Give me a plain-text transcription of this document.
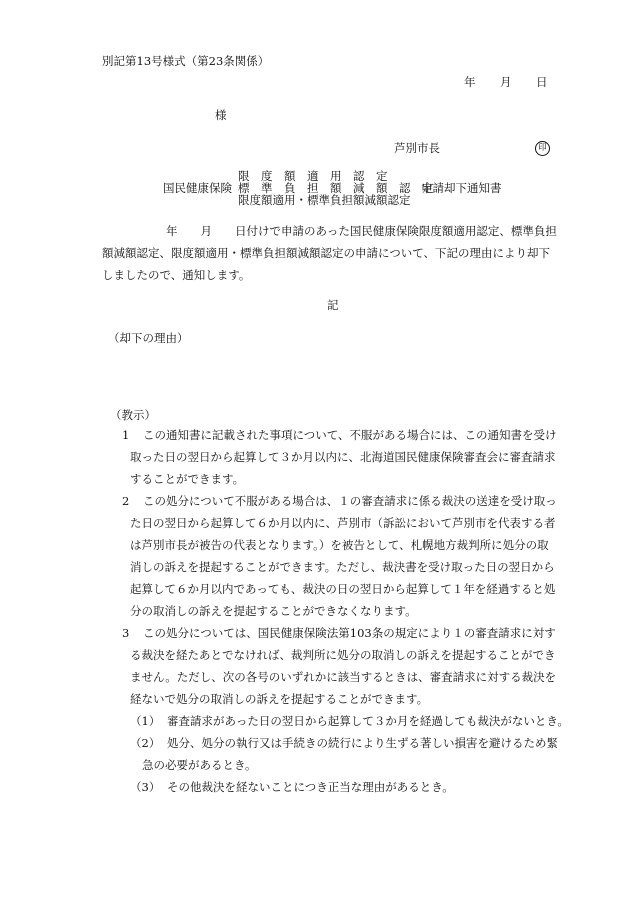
別記第13号様式（第23条関係）
年 月 日
様
芦別市長	印
国民健康保険
限　度　額　適　用　認　定
標　準　負　担　額　減　額　認　定
限度額適用・標準負担額減額認定
申請却下通知書
年　　月　　日付けで申請のあった国民健康保険限度額適用認定、標準負担
額減額認定、限度額適用・標準負担額減額認定の申請について、下記の理由により却下
しましたので、通知します。
記
（却下の理由）
（教示）
1 この通知書に記載された事項について、不服がある場合には、この通知書を受け
取った日の翌日から起算して３か月以内に、北海道国民健康保険審査会に審査請求
することができます。
2 この処分について不服がある場合は、１の審査請求に係る裁決の送達を受け取っ
た日の翌日から起算して６か月以内に、芦別市（訴訟において芦別市を代表する者
は芦別市長が被告の代表となります。）を被告として、札幌地方裁判所に処分の取
消しの訴えを提起することができます。ただし、裁決書を受け取った日の翌日から
起算して６か月以内であっても、裁決の日の翌日から起算して１年を経過すると処
分の取消しの訴えを提起することができなくなります。
3 この処分については、国民健康保険法第103条の規定により１の審査請求に対す
る裁決を経たあとでなければ、裁判所に処分の取消しの訴えを提起することができ
ません。ただし、次の各号のいずれかに該当するときは、審査請求に対する裁決を
経ないで処分の取消しの訴えを提起することができます。
（1） 審査請求があった日の翌日から起算して３か月を経過しても裁決がないとき。
（2） 処分、処分の執行又は手続きの続行により生ずる著しい損害を避けるため緊
急の必要があるとき。
（3） その他裁決を経ないことにつき正当な理由があるとき。
